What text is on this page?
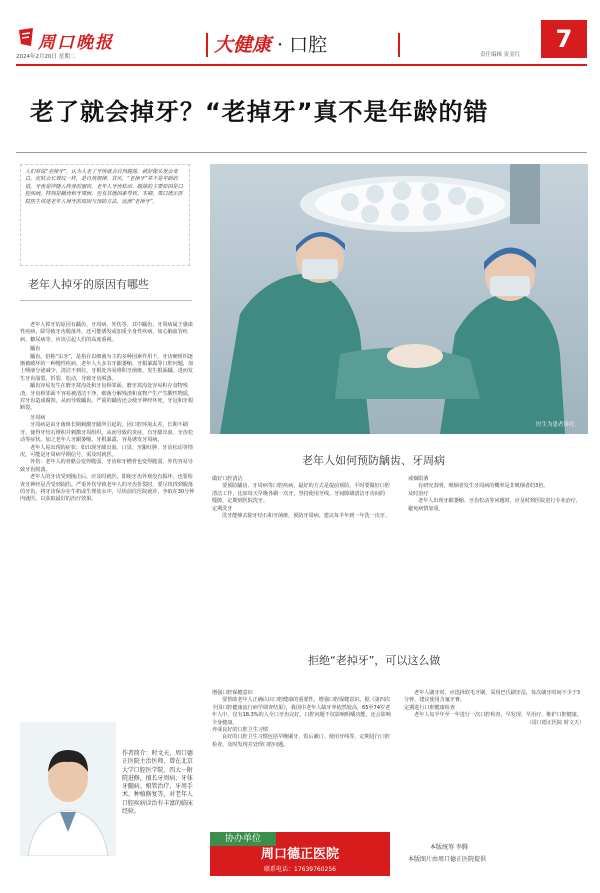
周口晚报
2024年2月20日 星期二
大健康 · 口腔	责任编辑 寅金红
7
老了就会掉牙？“老掉牙”真不是年龄的错
人们常说“老掉牙”，认为人老了牙齿就会自然脱落，就好像头发会变白、皮肤会长皱纹一样，是自然规律。其实，“老掉牙”并不是年龄的错，牙齿是伴随人终身的器官，老年人牙齿松动、脱落的主要原因是口腔疾病，特别是龋齿和牙周病，也有其他因素导致。本期，周口德正医院医生讲述老年人掉牙的原因与预防方法，远离“老掉牙”。
老年人掉牙的原因有哪些
医生为患者诊疗。
老年人如何预防龋齿、牙周病
老年人掉牙的原因有龋齿、牙周病、外伤等。其中龋齿、牙周病属于感染性疾病，除导致牙齿脱落外，还可能诱发或加重全身性疾病，如心脑血管疾病、糖尿病等，应该引起人们的高度重视。
龋齿
龋齿，俗称“虫牙”，是指在以细菌为主的多种因素作用下，牙齿硬组织逐渐被破坏的一种慢性疾病。老年人大多有牙龈萎缩、牙根暴露等口腔问题，加上唾液分泌减少，清洁不到位，牙根处容易堆积牙菌斑，发生根面龋。进而发生牙齿崩裂、折裂、松动，导致牙齿脱落。
龋齿容易发生在磨牙窝沟处和牙齿相邻面。磨牙窝沟处容易积存食物残渣，牙齿相邻面不容易被清洁干净，细菌分解残渣和食物产生产生酸性物质，对牙齿造成腐蚀，从而导致龋齿。严重的龋齿还会使牙神经坏死，牙冠和牙根断裂。
牙周病
牙周病是由牙菌斑长期刺激牙龈所引起的，因口腔环境太差，长期不刷牙，使得牙结石堆积并刺激牙周组织，从而导致的炎症，有牙龈出血、牙齿松动等症状。加之老年人牙龈萎缩、牙根暴露，容易诱发牙周病。
老年人易出现的症状：如出现牙龈出血、口臭、牙龈红肿、牙齿松动等情况，可能是牙周病早期信号，需及时就医。
外伤：老年人的骨骼会变得脆弱，牙齿和牙槽骨也变得脆弱，外伤容易导致牙齿脱落。
老年人的牙齿受到撞击后，应及时就医。即使牙齿外观没有损坏，也要检查牙神经是否受到损伤。严重外伤导致老年人的牙齿折裂时，要尽快找到脱落的牙齿，将牙齿保存在牛奶或生理盐水中，尽快前往医院就诊，争取在30分钟内就医，以获取最好的治疗效果。
作者简介：时文天，周口德正医院主治医师，曾在北京大学口腔医学院、四大一附院进修，擅长牙周病、牙体牙髓病、根管治疗、牙周手术、种植修复等，对老年人口腔疾病诊治有丰富的临床经验。
做好口腔清洁
要预防龋齿、牙周病等口腔疾病，最好的方式是提前预防，平时要做好口腔清洁工作，比如每天早晚各刷一次牙，坚持使用牙线、牙间隙刷清洁牙齿间的缝隙，定期到医院洗牙。
定期洗牙
洗牙能够去除牙结石和牙菌斑，预防牙周病。建议每半年到一年洗一次牙。
戒烟限酒
有研究表明，吸烟者发生牙周病的概率是非吸烟者的3倍。
及时治疗
老年人出现牙龈萎缩、牙齿松动等问题时，应及时到医院进行专业治疗，避免病情加重。
拒绝“老掉牙”，可以这么做
增强口腔保健意识
要帮助老年人正确认识口腔健康的重要性，增强口腔保健意识。据《第四次全国口腔健康流行病学调查结果》，我国中老年人缺牙率依然较高，65至74岁老年人中，仅有18.3%的人全口牙齿完好。口腔问题不仅影响咀嚼功能，还会影响全身健康。
养成良好的口腔卫生习惯
良好的口腔卫生习惯包括早晚刷牙、饭后漱口、使用牙线等，定期进行口腔检查，及时发现并处理口腔问题。
老年人刷牙时，应选择软毛牙刷，采用巴氏刷牙法，每次刷牙时间不少于3分钟，建议使用含氟牙膏。
定期进行口腔健康检查
老年人每半年至一年进行一次口腔检查，早发现、早治疗，维护口腔健康。
（周口德正医院 时文天）
周口德正医院
联系电话：17639760256
协办单位
本版统筹 李腾
本版图片由周口德正医院提供
